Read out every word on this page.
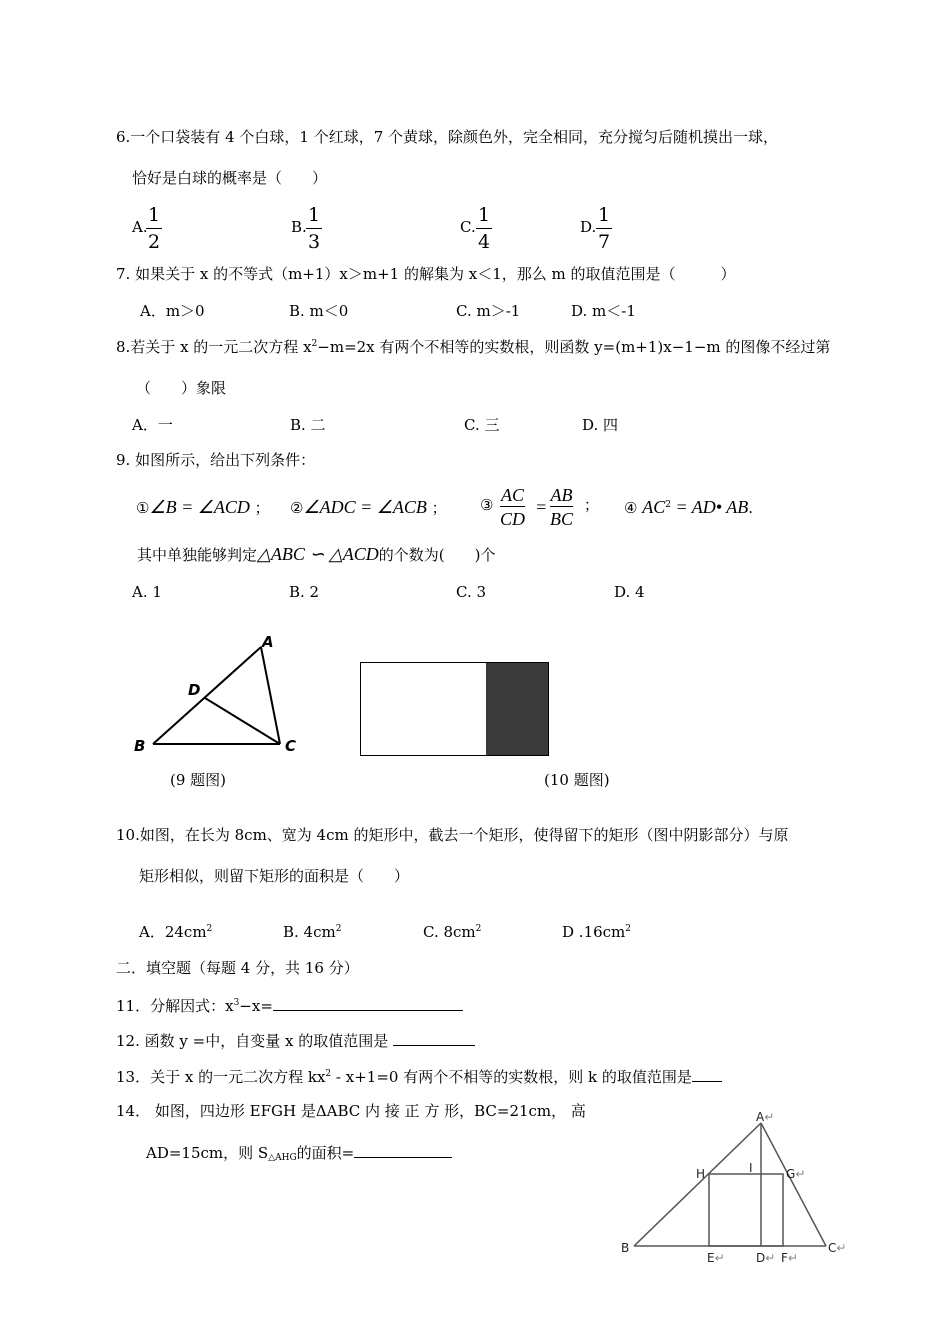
6.一个口袋装有 4 个白球，1 个红球，7 个黄球，除颜色外，完全相同，充分搅匀后随机摸出一球，
恰好是白球的概率是（　　）
A.
1
2
B.
1
3
C.
1
4
D.
1
7
7. 如果关于 x 的不等式（m+1）x＞m+1 的解集为 x＜1，那么 m 的取值范围是（　　　）
A．m＞0	B. m＜0	C. m＞-1	D. m＜-1
8.若关于 x 的一元二次方程 $x^2-m=2x$ 有两个不相等的实数根，则函数 y=(m+1)x−1−m 的图像不经过第
（　　）象限
A．一	B. 二	C. 三	D. 四
9. 如图所示，给出下列条件：
①∠B = ∠ACD ； ②∠ADC = ∠ACB ； ③ AC
CD
=
AB
BC
； ④ $AC^2$ = AD• AB.
其中单独能够判定△ABC ∽ △ACD的个数为(　　)个
A. 1	B. 2	C. 3	D. 4
A
D
B	C
(9 题图)	(10 题图)
10.如图，在长为 8cm、宽为 4cm 的矩形中，截去一个矩形，使得留下的矩形（图中阴影部分）与原
矩形相似，则留下矩形的面积是（　　）
A．$24cm^2$	B. $4cm^2$	C. $8cm^2$	D $.16cm^2$
二．填空题（每题 4 分，共 16 分）
11．分解因式：$x^3-x=$
12. 函数 y =中，自变量 x 的取值范围是
13．关于 x 的一元二次方程 $kx^2 - x+1=0$ 有两个不相等的实数根，则 k 的取值范围是
14． 如图，四边形 EFGH 是ΔABC 内 接 正 方 形，BC=21cm， 高
AD=15cm，则 $S_{\triangle AHG}$的面积=
A↵
H	I	G↵
B
E↵	D↵ F↵
C↵
